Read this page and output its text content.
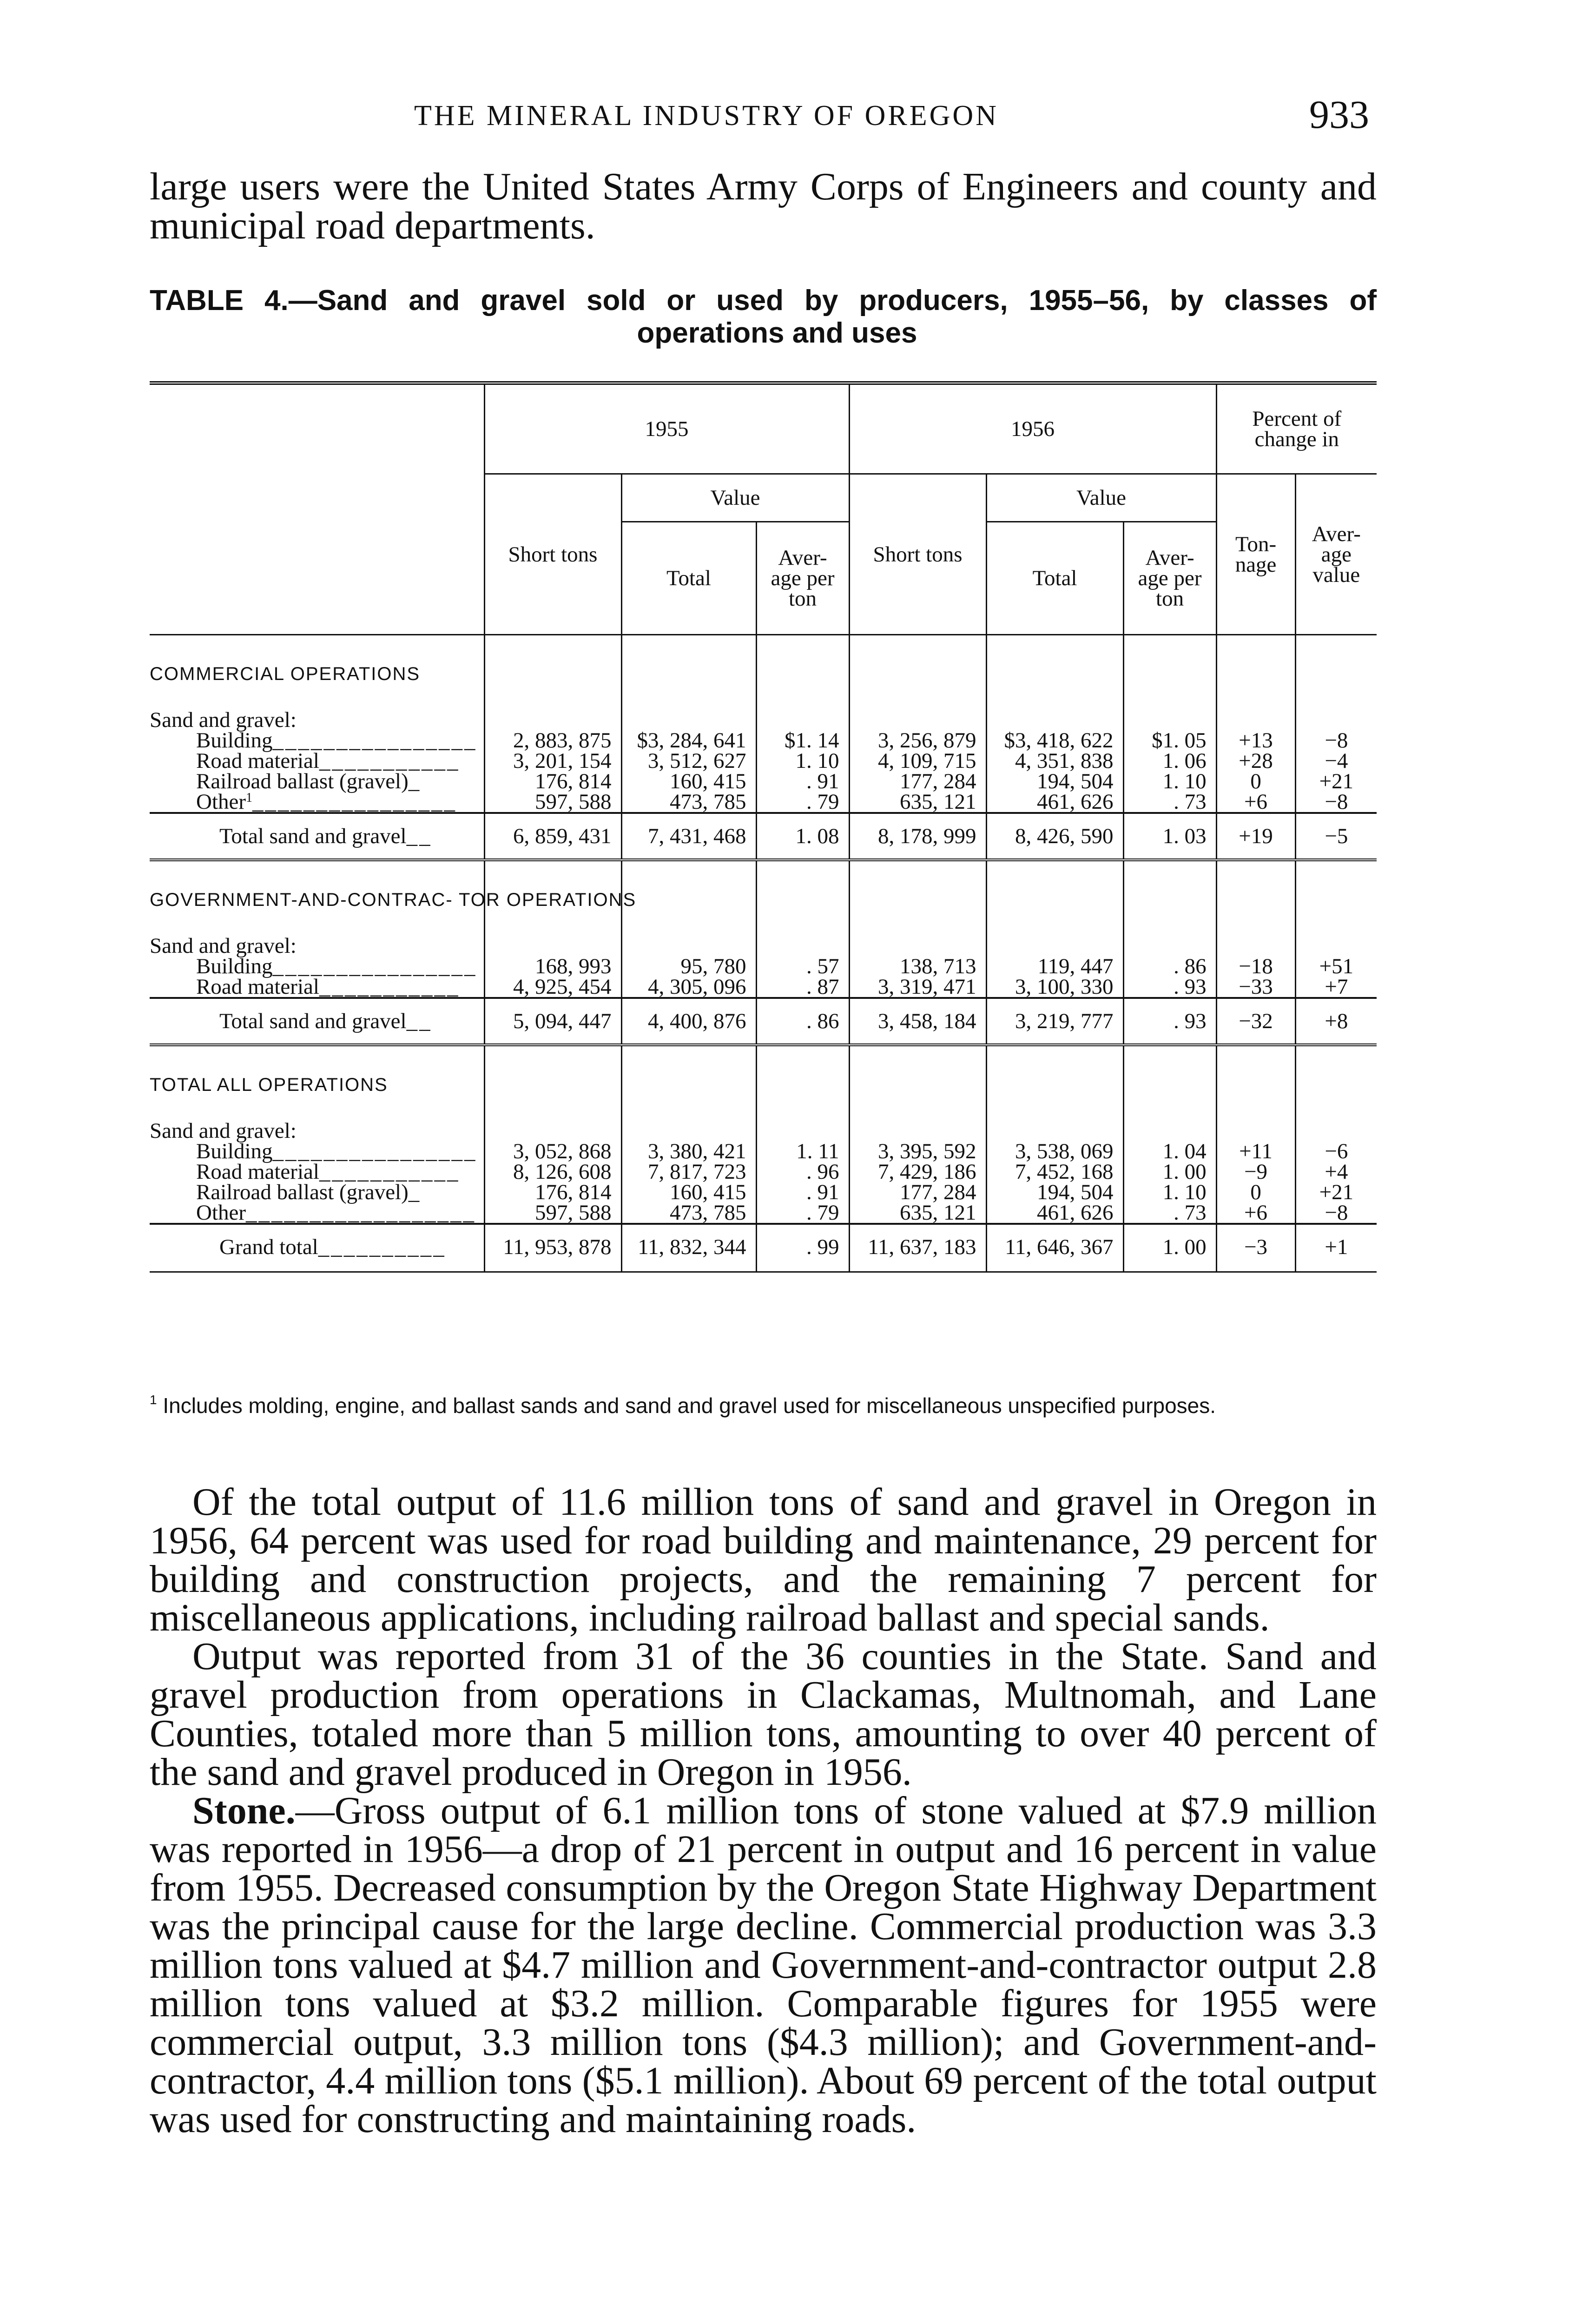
THE MINERAL INDUSTRY OF OREGON	933
large users were the United States Army Corps of Engineers and county and municipal road departments.
TABLE 4.—Sand and gravel sold or used by producers, 1955–56, by classes of
operations and uses
	1955			1956			Percent of change in	
	Short tons	Value		Short tons	Value		Ton- nage	Aver- age value
		Total	Aver- age per ton		Total	Aver- age per ton		
COMMERCIAL OPERATIONS								
Sand and gravel:								
Building________________	2, 883, 875	$3, 284, 641	$1. 14	3, 256, 879	$3, 418, 622	$1. 05	+13	−8
Road material___________	3, 201, 154	3, 512, 627	1. 10	4, 109, 715	4, 351, 838	1. 06	+28	−4
Railroad ballast (gravel)_	176, 814	160, 415	. 91	177, 284	194, 504	1. 10	0	+21
Other$^1$________________	597, 588	473, 785	. 79	635, 121	461, 626	. 73	+6	−8
Total sand and gravel__	6, 859, 431	7, 431, 468	1. 08	8, 178, 999	8, 426, 590	1. 03	+19	−5
GOVERNMENT-AND-CONTRAC- TOR OPERATIONS								
Sand and gravel:								
Building________________	168, 993	95, 780	. 57	138, 713	119, 447	. 86	−18	+51
Road material___________	4, 925, 454	4, 305, 096	. 87	3, 319, 471	3, 100, 330	. 93	−33	+7
Total sand and gravel__	5, 094, 447	4, 400, 876	. 86	3, 458, 184	3, 219, 777	. 93	−32	+8
TOTAL ALL OPERATIONS								
Sand and gravel:								
Building________________	3, 052, 868	3, 380, 421	1. 11	3, 395, 592	3, 538, 069	1. 04	+11	−6
Road material___________	8, 126, 608	7, 817, 723	. 96	7, 429, 186	7, 452, 168	1. 00	−9	+4
Railroad ballast (gravel)_	176, 814	160, 415	. 91	177, 284	194, 504	1. 10	0	+21
Other__________________	597, 588	473, 785	. 79	635, 121	461, 626	. 73	+6	−8
Grand total__________	11, 953, 878	11, 832, 344	. 99	11, 637, 183	11, 646, 367	1. 00	−3	+1
$^1$ Includes molding, engine, and ballast sands and sand and gravel used for miscellaneous unspecified purposes.

Of the total output of 11.6 million tons of sand and gravel in Oregon in 1956, 64 percent was used for road building and maintenance, 29 percent for building and construction projects, and the remaining 7 percent for miscellaneous applications, including railroad ballast and special sands.

Output was reported from 31 of the 36 counties in the State. Sand and gravel production from operations in Clackamas, Multnomah, and Lane Counties, totaled more than 5 million tons, amounting to over 40 percent of the sand and gravel produced in Oregon in 1956.

Stone.—Gross output of 6.1 million tons of stone valued at $7.9 million was reported in 1956—a drop of 21 percent in output and 16 percent in value from 1955. Decreased consumption by the Oregon State Highway Department was the principal cause for the large decline. Commercial production was 3.3 million tons valued at $4.7 million and Government-and-contractor output 2.8 million tons valued at $3.2 million. Comparable figures for 1955 were commercial output, 3.3 million tons ($4.3 million); and Government-and-contractor, 4.4 million tons ($5.1 million). About 69 percent of the total output was used for constructing and maintaining roads.
